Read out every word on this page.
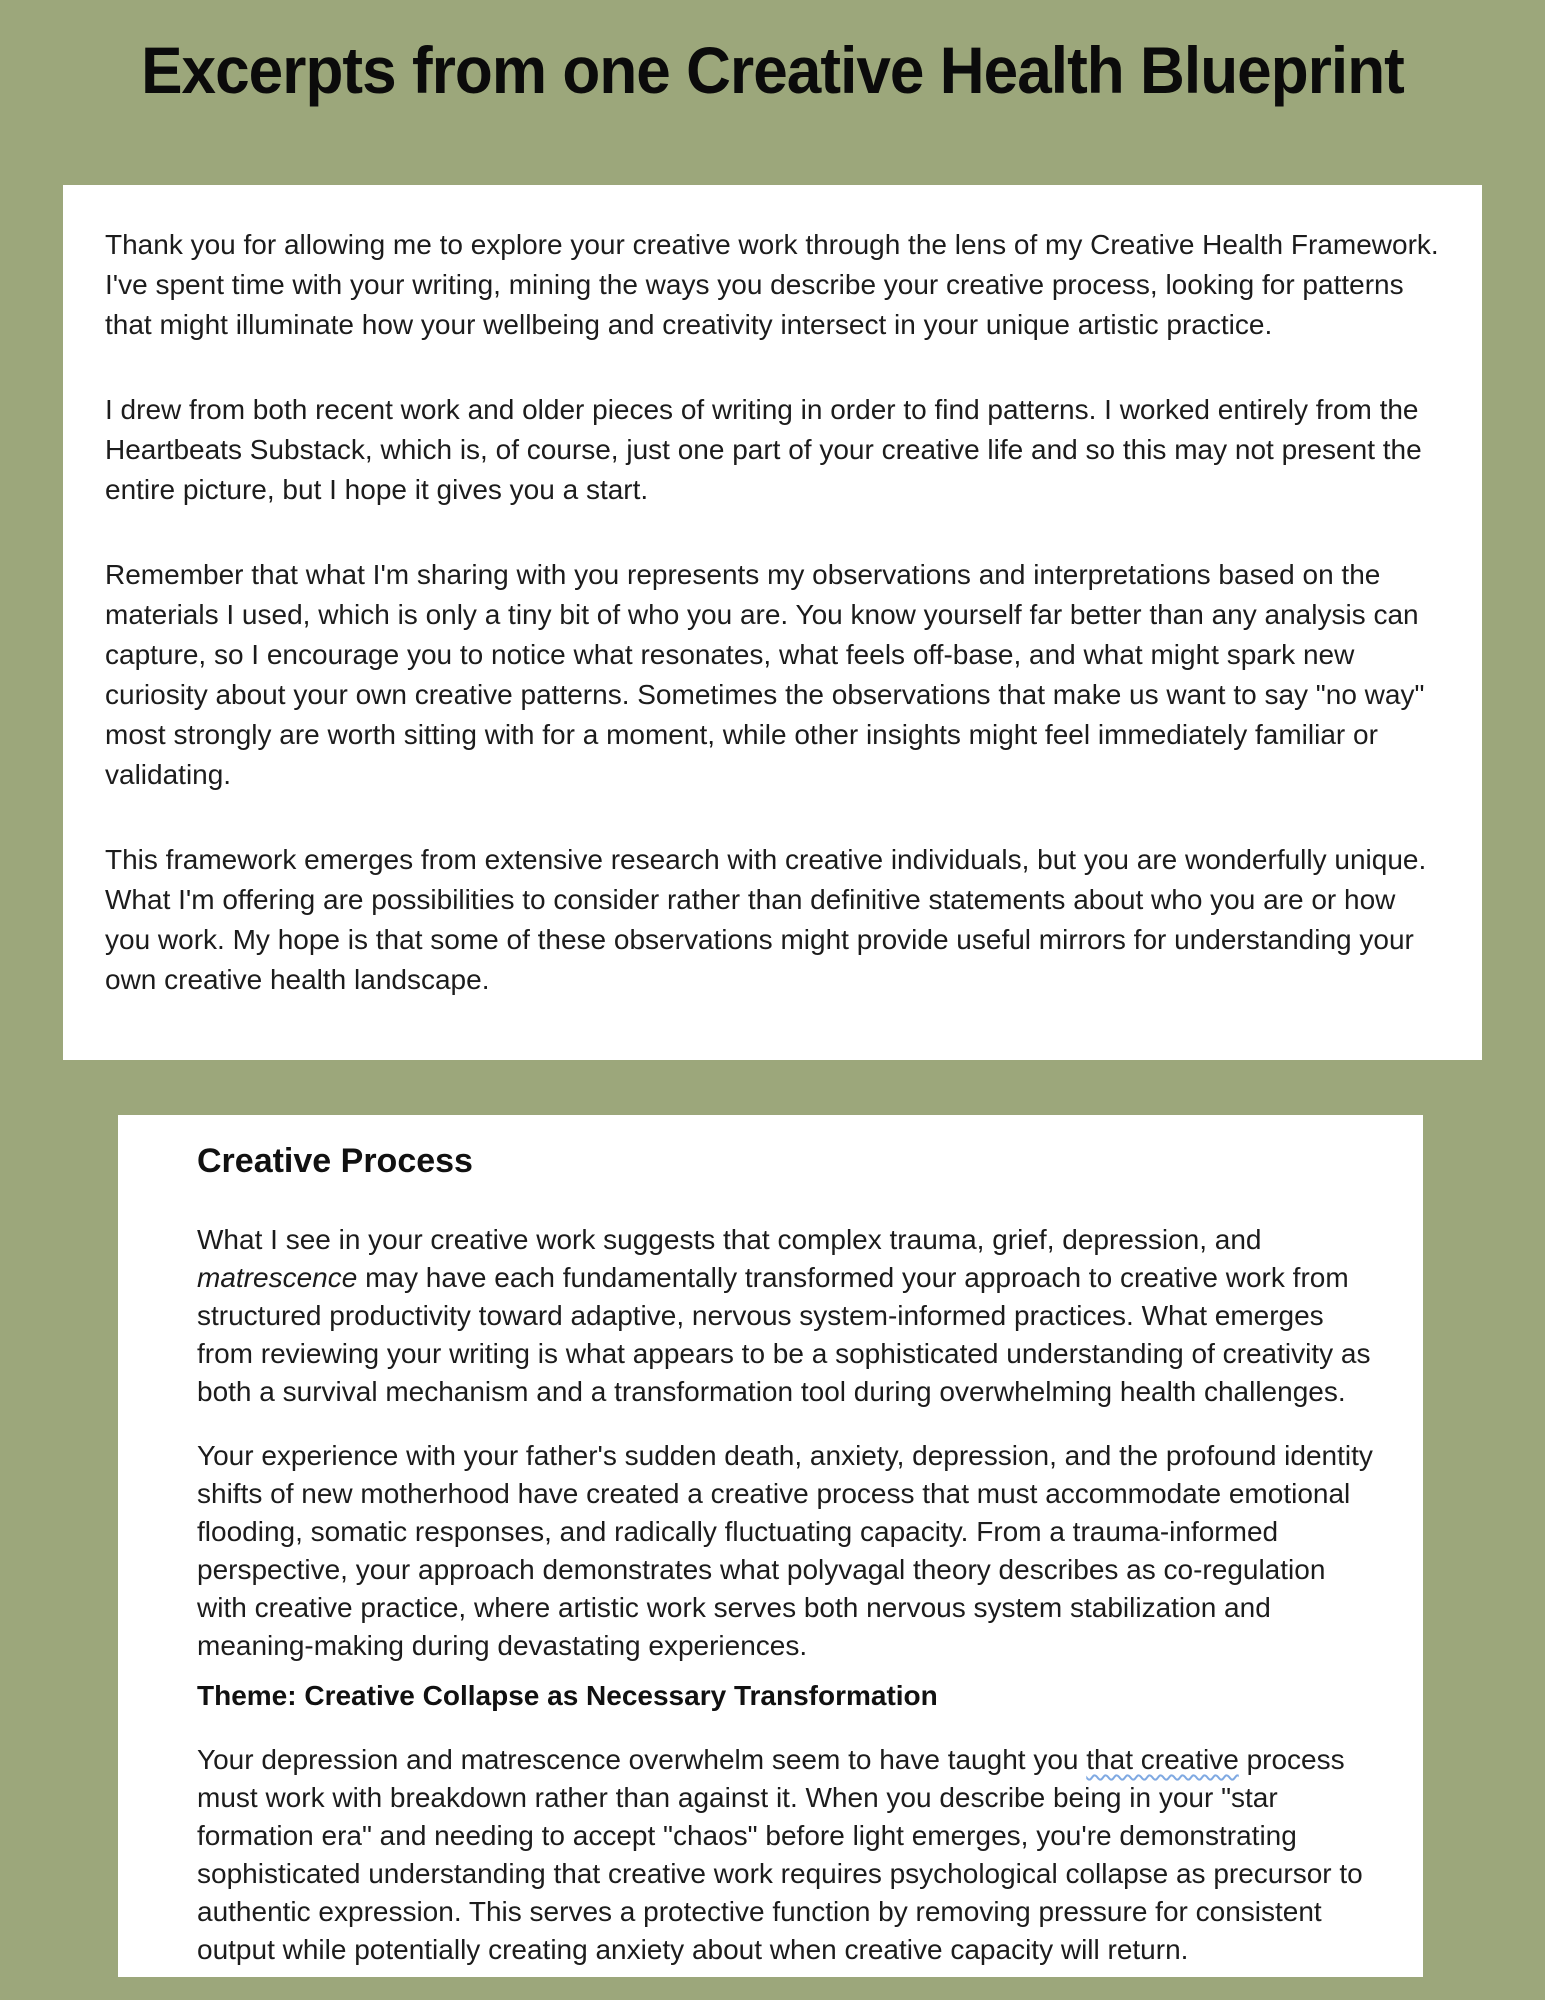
Excerpts from one Creative Health Blueprint

Thank you for allowing me to explore your creative work through the lens of my Creative Health Framework. I've spent time with your writing, mining the ways you describe your creative process, looking for patterns that might illuminate how your wellbeing and creativity intersect in your unique artistic practice.

I drew from both recent work and older pieces of writing in order to find patterns. I worked entirely from the Heartbeats Substack, which is, of course, just one part of your creative life and so this may not present the entire picture, but I hope it gives you a start.

Remember that what I'm sharing with you represents my observations and interpretations based on the materials I used, which is only a tiny bit of who you are. You know yourself far better than any analysis can capture, so I encourage you to notice what resonates, what feels off-base, and what might spark new curiosity about your own creative patterns. Sometimes the observations that make us want to say "no way" most strongly are worth sitting with for a moment, while other insights might feel immediately familiar or validating.

This framework emerges from extensive research with creative individuals, but you are wonderfully unique. What I'm offering are possibilities to consider rather than definitive statements about who you are or how you work. My hope is that some of these observations might provide useful mirrors for understanding your own creative health landscape.

Creative Process

What I see in your creative work suggests that complex trauma, grief, depression, and matrescence may have each fundamentally transformed your approach to creative work from structured productivity toward adaptive, nervous system-informed practices. What emerges from reviewing your writing is what appears to be a sophisticated understanding of creativity as both a survival mechanism and a transformation tool during overwhelming health challenges.

Your experience with your father's sudden death, anxiety, depression, and the profound identity shifts of new motherhood have created a creative process that must accommodate emotional flooding, somatic responses, and radically fluctuating capacity. From a trauma-informed perspective, your approach demonstrates what polyvagal theory describes as co-regulation with creative practice, where artistic work serves both nervous system stabilization and meaning-making during devastating experiences.

Theme: Creative Collapse as Necessary Transformation

Your depression and matrescence overwhelm seem to have taught you that creative process must work with breakdown rather than against it. When you describe being in your "star formation era" and needing to accept "chaos" before light emerges, you're demonstrating sophisticated understanding that creative work requires psychological collapse as precursor to authentic expression. This serves a protective function by removing pressure for consistent output while potentially creating anxiety about when creative capacity will return.
